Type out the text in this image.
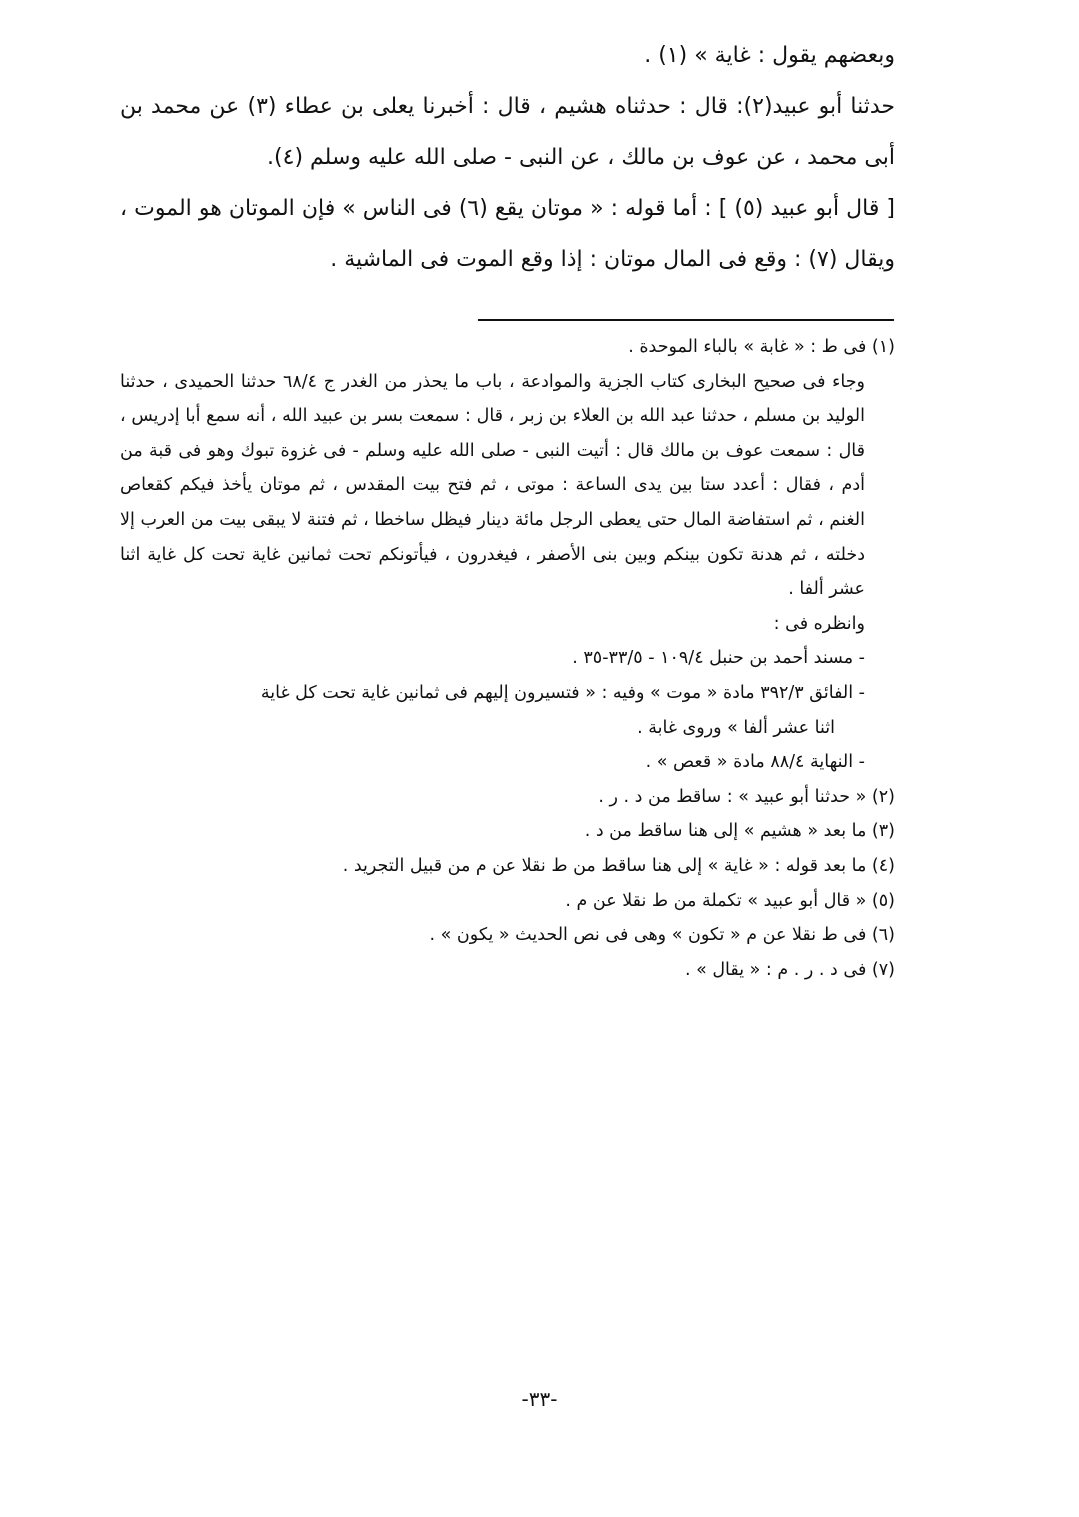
وبعضهم يقول : غاية » (١) .

حدثنا أبو عبيد(٢): قال : حدثناه هشيم ، قال : أخبرنا يعلى بن عطاء (٣) عن محمد بن أبى محمد ، عن عوف بن مالك ، عن النبى - صلى الله عليه وسلم (٤).

[ قال أبو عبيد (٥) ] : أما قوله : « موتان يقع (٦) فى الناس » فإن الموتان هو الموت ، ويقال (٧) : وقع فى المال موتان : إذا وقع الموت فى الماشية .

(١) فى ط : « غابة » بالباء الموحدة .

وجاء فى صحيح البخارى كتاب الجزية والموادعة ، باب ما يحذر من الغدر ج ٦٨/٤ حدثنا الحميدى ، حدثنا الوليد بن مسلم ، حدثنا عبد الله بن العلاء بن زبر ، قال : سمعت بسر بن عبيد الله ، أنه سمع أبا إدريس ، قال : سمعت عوف بن مالك قال : أتيت النبى - صلى الله عليه وسلم - فى غزوة تبوك وهو فى قبة من أدم ، فقال : أعدد ستا بين يدى الساعة : موتى ، ثم فتح بيت المقدس ، ثم موتان يأخذ فيكم كقعاص الغنم ، ثم استفاضة المال حتى يعطى الرجل مائة دينار فيظل ساخطا ، ثم فتنة لا يبقى بيت من العرب إلا دخلته ، ثم هدنة تكون بينكم وبين بنى الأصفر ، فيغدرون ، فيأتونكم تحت ثمانين غاية تحت كل غاية اثنا عشر ألفا .

وانظره فى :

- مسند أحمد بن حنبل ١٠٩/٤ - ٣٣/٥-٣٥ .

- الفائق ٣٩٢/٣ مادة « موت » وفيه : « فتسيرون إليهم فى ثمانين غاية تحت كل غاية

اثنا عشر ألفا » وروى غابة .

- النهاية ٨٨/٤ مادة « قعص » .

(٢) « حدثنا أبو عبيد » : ساقط من د . ر .

(٣) ما بعد « هشيم » إلى هنا ساقط من د .

(٤) ما بعد قوله : « غاية » إلى هنا ساقط من ط نقلا عن م من قبيل التجريد .

(٥) « قال أبو عبيد » تكملة من ط نقلا عن م .

(٦) فى ط نقلا عن م « تكون » وهى فى نص الحديث « يكون » .

(٧) فى د . ر . م : « يقال » .

-٣٣-
